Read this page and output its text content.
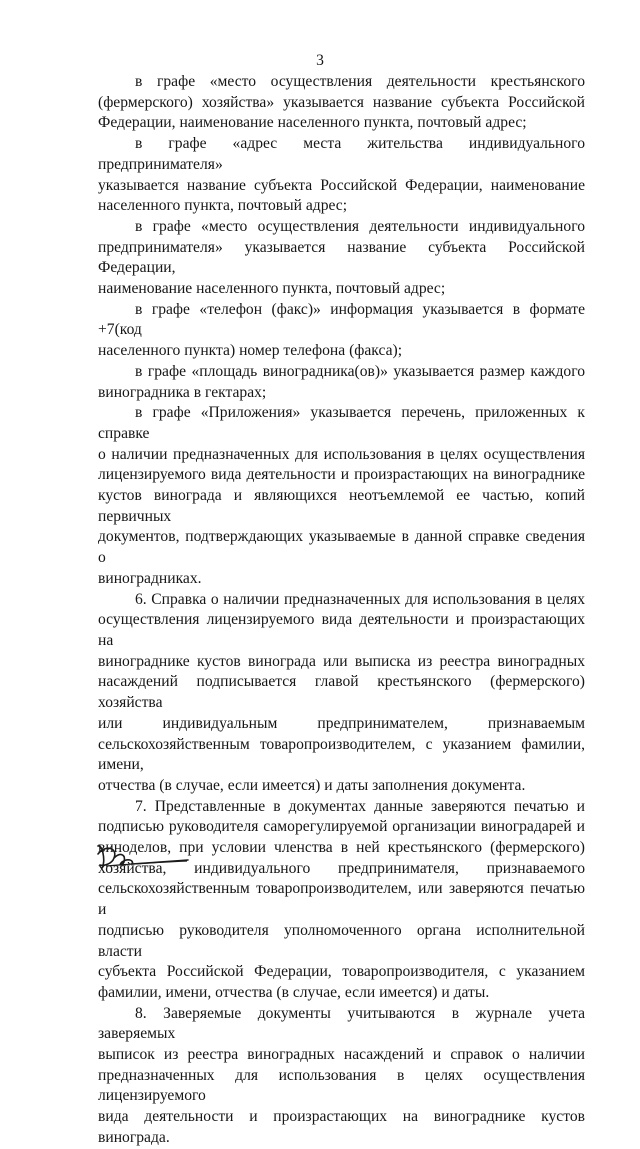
3

в графе «место осуществления деятельности крестьянского

(фермерского) хозяйства» указывается название субъекта Российской

Федерации, наименование населенного пункта, почтовый адрес;

в графе «адрес места жительства индивидуального предпринимателя»

указывается название субъекта Российской Федерации, наименование

населенного пункта, почтовый адрес;

в графе «место осуществления деятельности индивидуального

предпринимателя» указывается название субъекта Российской Федерации,

наименование населенного пункта, почтовый адрес;

в графе «телефон (факс)» информация указывается в формате +7(код

населенного пункта) номер телефона (факса);

в графе «площадь виноградника(ов)» указывается размер каждого

виноградника в гектарах;

в графе «Приложения» указывается перечень, приложенных к справке

о наличии предназначенных для использования в целях осуществления

лицензируемого вида деятельности и произрастающих на винограднике

кустов винограда и являющихся неотъемлемой ее частью, копий первичных

документов, подтверждающих указываемые в данной справке сведения о

виноградниках.

6. Справка о наличии предназначенных для использования в целях

осуществления лицензируемого вида деятельности и произрастающих на

винограднике кустов винограда или выписка из реестра виноградных

насаждений подписывается главой крестьянского (фермерского) хозяйства

или индивидуальным предпринимателем, признаваемым

сельскохозяйственным товаропроизводителем, с указанием фамилии, имени,

отчества (в случае, если имеется) и даты заполнения документа.

7. Представленные в документах данные заверяются печатью и

подписью руководителя саморегулируемой организации виноградарей и

виноделов, при условии членства в ней крестьянского (фермерского)

хозяйства, индивидуального предпринимателя, признаваемого

сельскохозяйственным товаропроизводителем, или заверяются печатью и

подписью руководителя уполномоченного органа исполнительной власти

субъекта Российской Федерации, товаропроизводителя, с указанием

фамилии, имени, отчества (в случае, если имеется) и даты.

8. Заверяемые документы учитываются в журнале учета заверяемых

выписок из реестра виноградных насаждений и справок о наличии

предназначенных для использования в целях осуществления лицензируемого

вида деятельности и произрастающих на винограднике кустов винограда.
